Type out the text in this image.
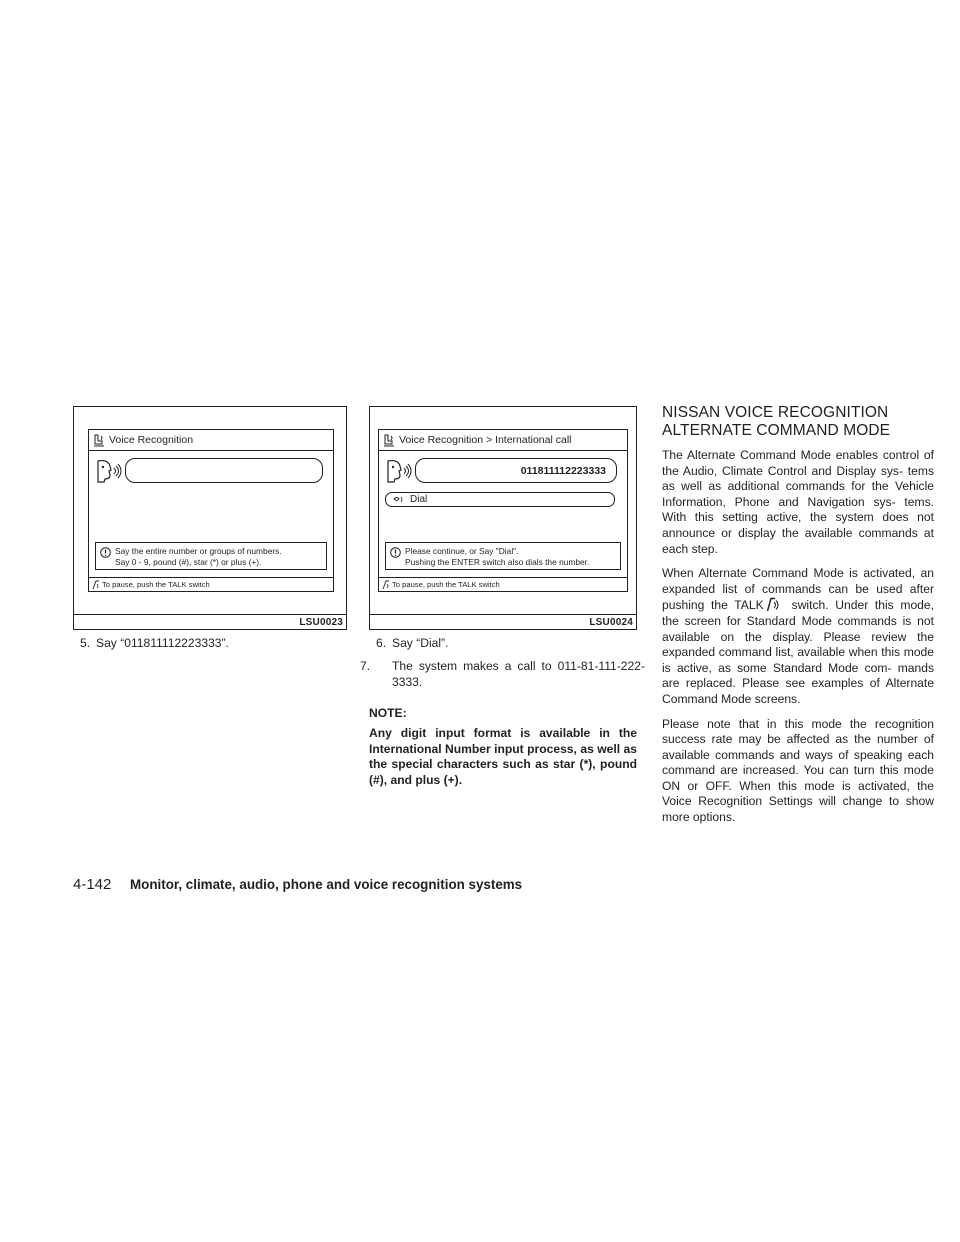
Voice Recognition
Say the entire number or groups of numbers.
Say 0 - 9, pound (#), star (*) or plus (+).
To pause, push the TALK switch
LSU0023
Voice Recognition > International call
011811112223333
Dial
Please continue, or Say "Dial".
Pushing the ENTER switch also dials the number.
To pause, push the TALK switch
LSU0024
5. Say “011811112223333”.	6. Say “Dial”.
7. The system makes a call to 011-81-111-222-3333.
NOTE:
Any digit input format is available in the International Number input process, as well as the special characters such as star (*), pound (#), and plus (+).
NISSAN VOICE RECOGNITION
ALTERNATE COMMAND MODE

The Alternate Command Mode enables control of the Audio, Climate Control and Display sys- tems as well as additional commands for the Vehicle Information, Phone and Navigation sys- tems. With this setting active, the system does not announce or display the available commands at each step.

When Alternate Command Mode is activated, an expanded list of commands can be used after pushing the TALK switch. Under this mode, the screen for Standard Mode commands is not available on the display. Please review the expanded command list, available when this mode is active, as some Standard Mode com- mands are replaced. Please see examples of Alternate Command Mode screens.

Please note that in this mode the recognition success rate may be affected as the number of available commands and ways of speaking each command are increased. You can turn this mode ON or OFF. When this mode is activated, the Voice Recognition Settings will change to show more options.

4-142 Monitor, climate, audio, phone and voice recognition systems
